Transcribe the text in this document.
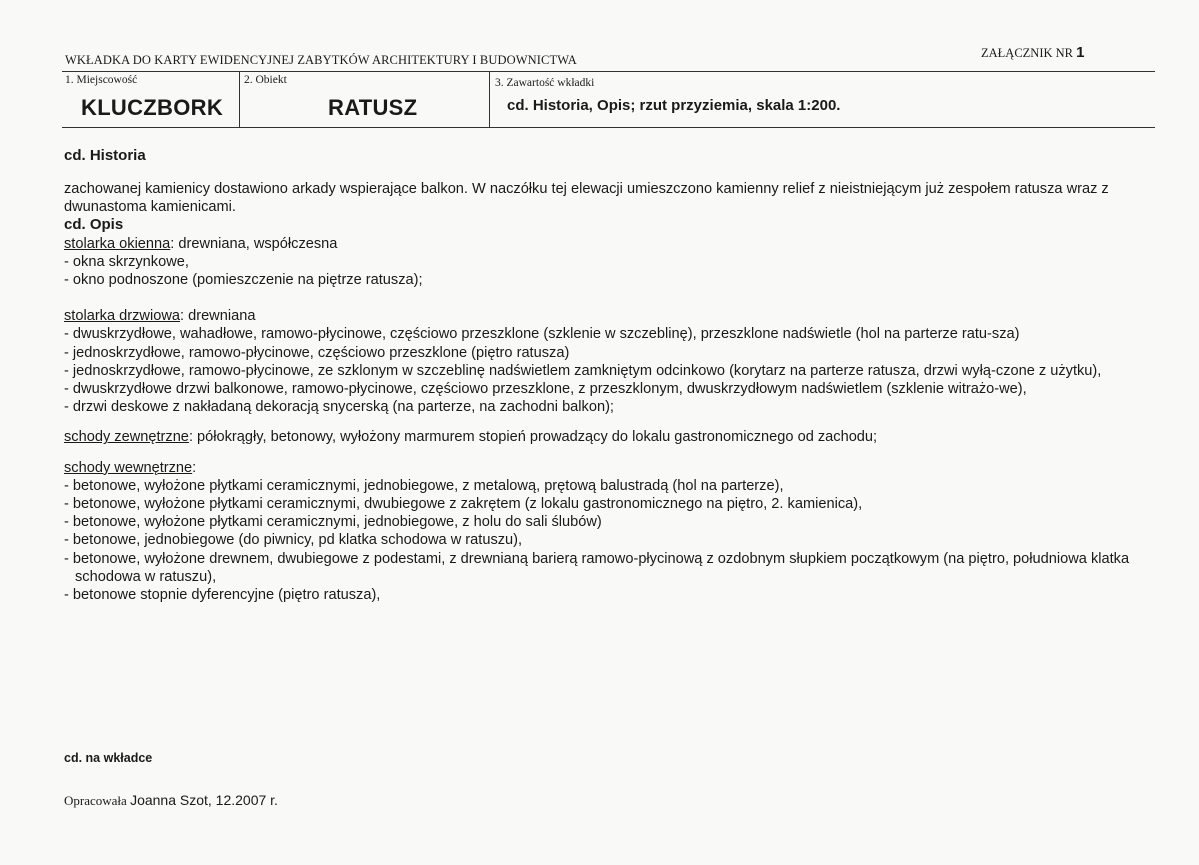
WKŁADKA DO KARTY EWIDENCYJNEJ ZABYTKÓW ARCHITEKTURY I BUDOWNICTWA	ZAŁĄCZNIK NR 1
1. Miejscowość
KLUCZBORK
2. Obiekt
RATUSZ
3. Zawartość wkładki
cd. Historia, Opis; rzut przyziemia, skala 1:200.
cd. Historia

zachowanej kamienicy dostawiono arkady wspierające balkon. W naczółku tej elewacji umieszczono kamienny relief z nieistniejącym już zespołem ratusza wraz z dwunastoma kamienicami.

cd. Opis

stolarka okienna: drewniana, współczesna

- okna skrzynkowe,

- okno podnoszone (pomieszczenie na piętrze ratusza);

stolarka drzwiowa: drewniana

- dwuskrzydłowe, wahadłowe, ramowo-płycinowe, częściowo przeszklone (szklenie w szczeblinę), przeszklone nadświetle (hol na parterze ratu-sza)

- jednoskrzydłowe, ramowo-płycinowe, częściowo przeszklone (piętro ratusza)

- jednoskrzydłowe, ramowo-płycinowe, ze szklonym w szczeblinę nadświetlem zamkniętym odcinkowo (korytarz na parterze ratusza, drzwi wyłą-czone z użytku),

- dwuskrzydłowe drzwi balkonowe, ramowo-płycinowe, częściowo przeszklone, z przeszklonym, dwuskrzydłowym nadświetlem (szklenie witrażo-we),

- drzwi deskowe z nakładaną dekoracją snycerską (na parterze, na zachodni balkon);

schody zewnętrzne: półokrągły, betonowy, wyłożony marmurem stopień prowadzący do lokalu gastronomicznego od zachodu;

schody wewnętrzne:

- betonowe, wyłożone płytkami ceramicznymi, jednobiegowe, z metalową, prętową balustradą (hol na parterze),

- betonowe, wyłożone płytkami ceramicznymi, dwubiegowe z zakrętem (z lokalu gastronomicznego na piętro, 2. kamienica),

- betonowe, wyłożone płytkami ceramicznymi, jednobiegowe, z holu do sali ślubów)

- betonowe, jednobiegowe (do piwnicy, pd klatka schodowa w ratuszu),

- betonowe, wyłożone drewnem, dwubiegowe z podestami, z drewnianą barierą ramowo-płycinową z ozdobnym słupkiem początkowym (na piętro, południowa klatka schodowa w ratuszu),

- betonowe stopnie dyferencyjne (piętro ratusza),

cd. na wkładce
Opracowała Joanna Szot, 12.2007 r.
